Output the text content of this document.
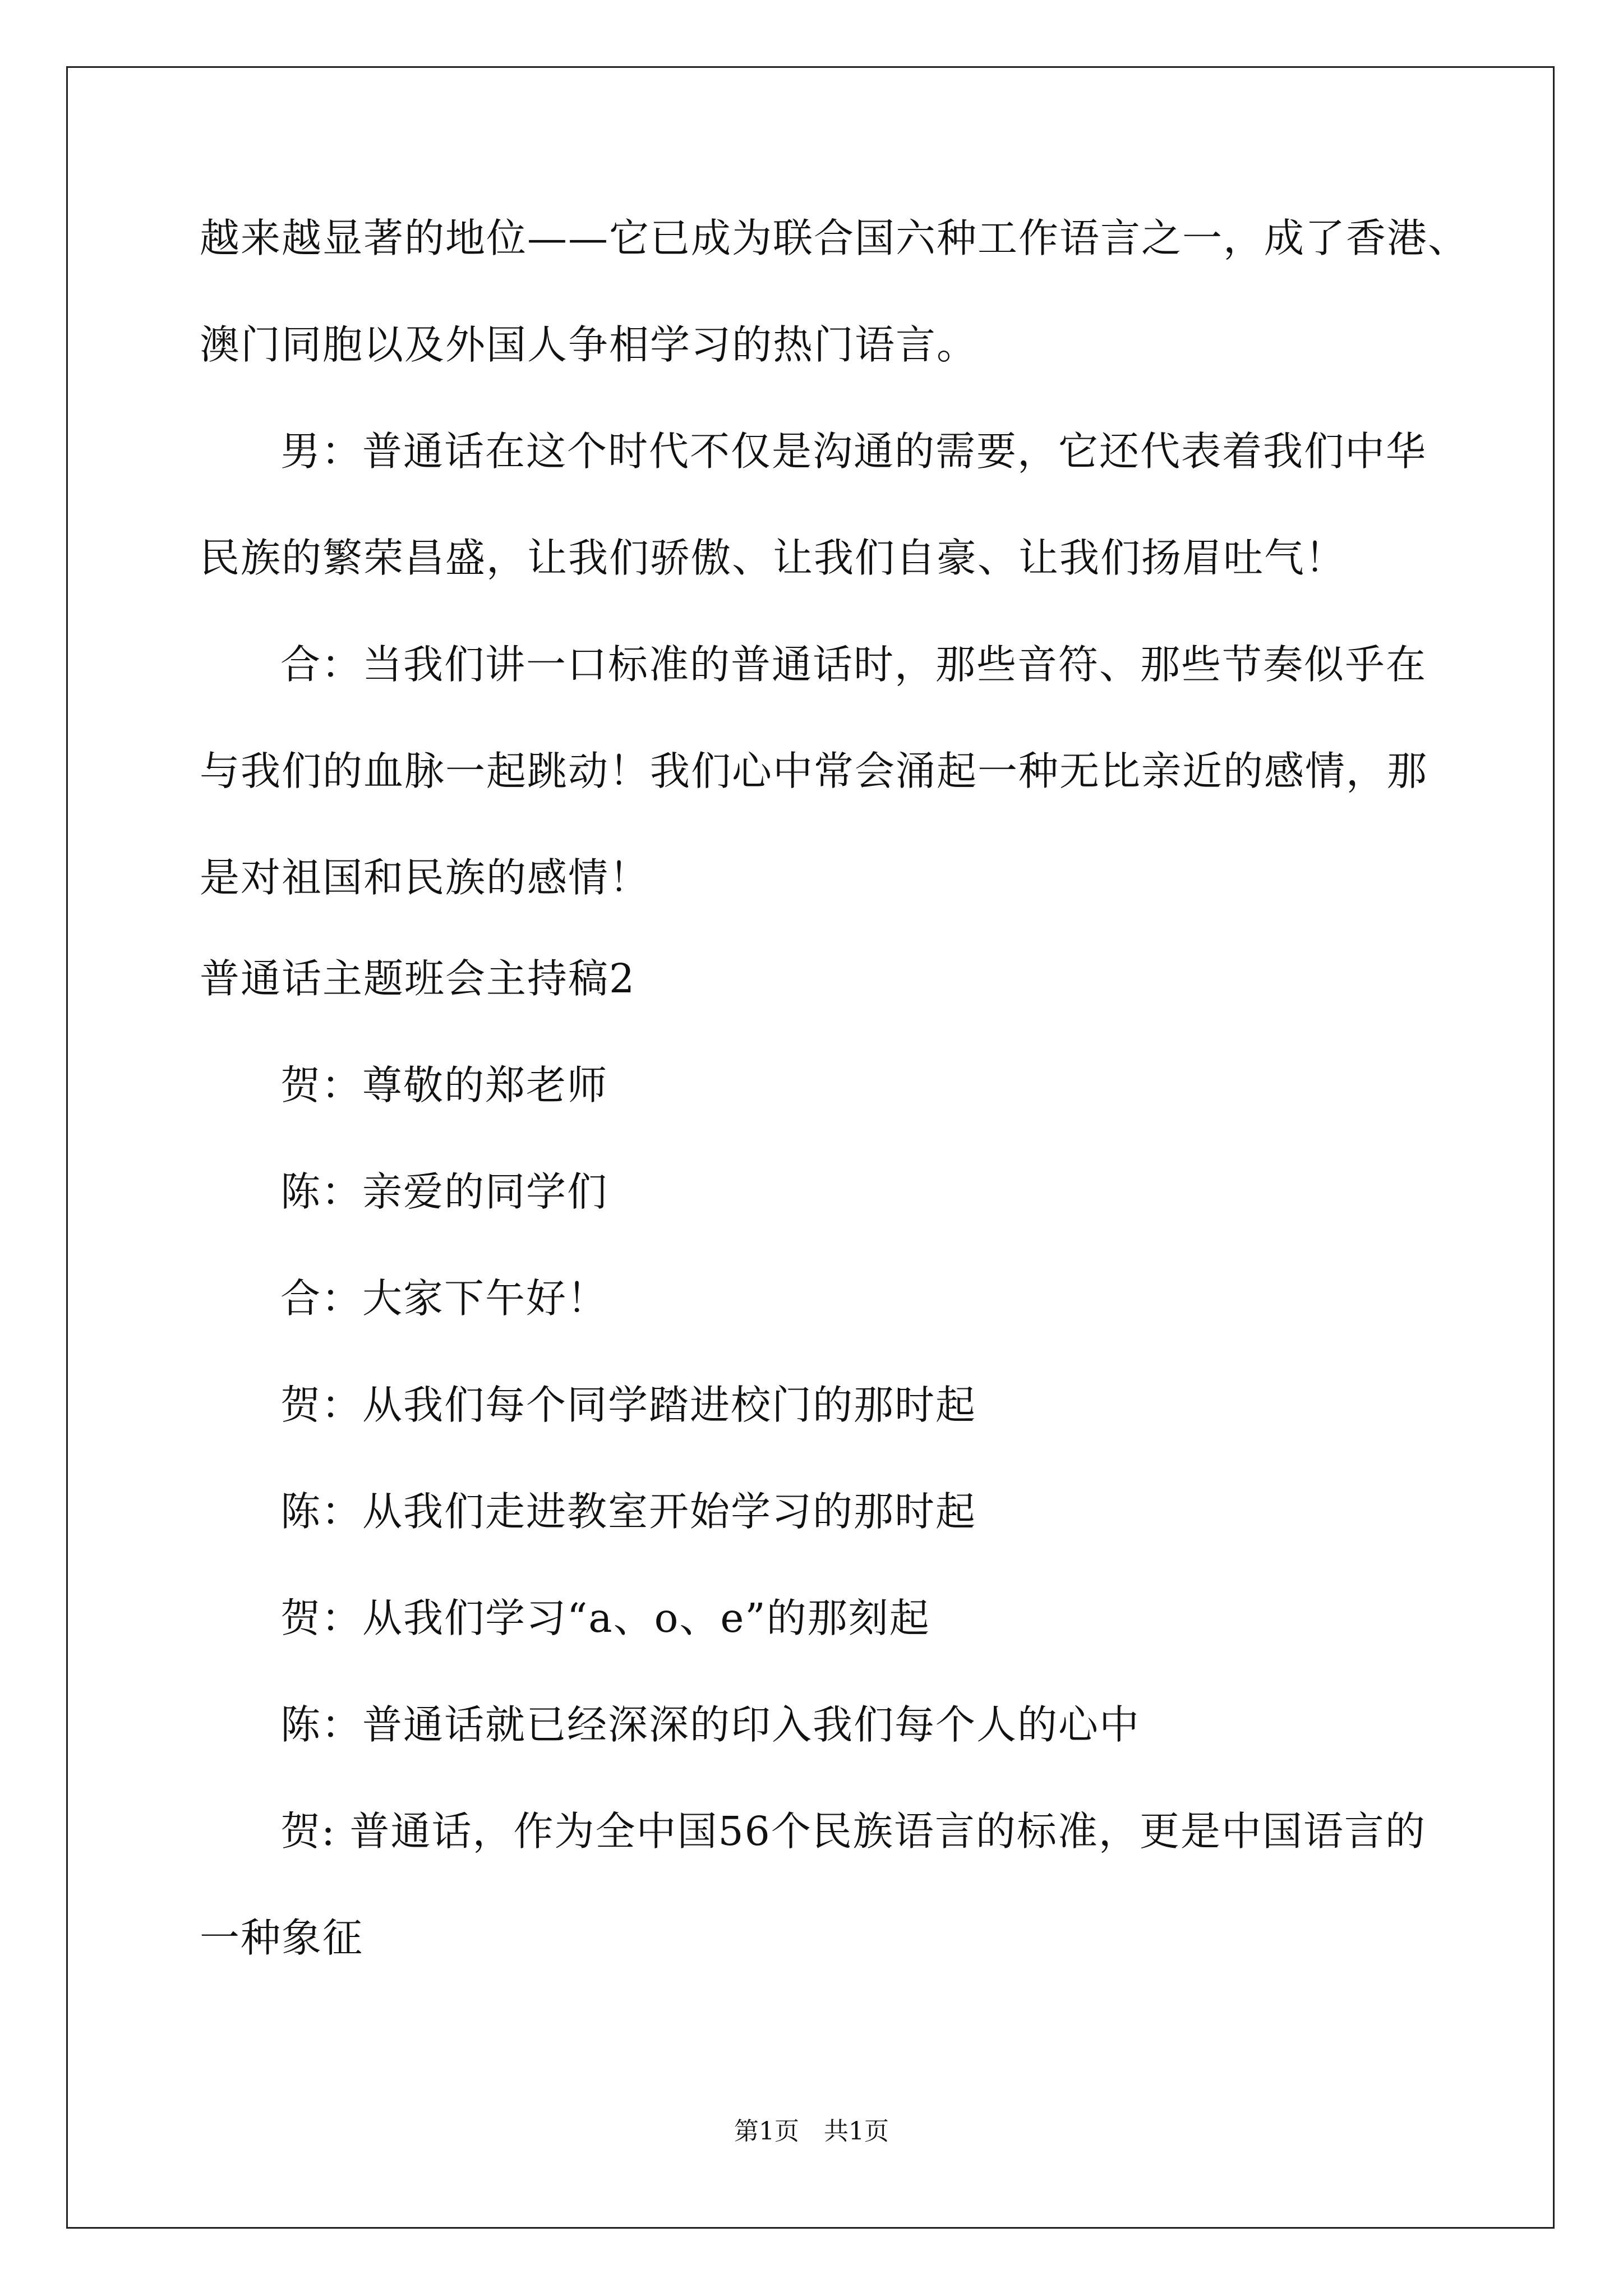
越来越显著的地位——它已成为联合国六种工作语言之一，成了香港、
澳门同胞以及外国人争相学习的热门语言。
男：普通话在这个时代不仅是沟通的需要，它还代表着我们中华
民族的繁荣昌盛，让我们骄傲、让我们自豪、让我们扬眉吐气！
合：当我们讲一口标准的普通话时，那些音符、那些节奏似乎在
与我们的血脉一起跳动！我们心中常会涌起一种无比亲近的感情，那
是对祖国和民族的感情！
普通话主题班会主持稿2
贺：尊敬的郑老师
陈：亲爱的同学们
合：大家下午好！
贺：从我们每个同学踏进校门的那时起
陈：从我们走进教室开始学习的那时起
贺：从我们学习“a、o、e”的那刻起
陈：普通话就已经深深的印入我们每个人的心中
贺: 普通话，作为全中国56个民族语言的标准，更是中国语言的
一种象征
第1页　共1页
